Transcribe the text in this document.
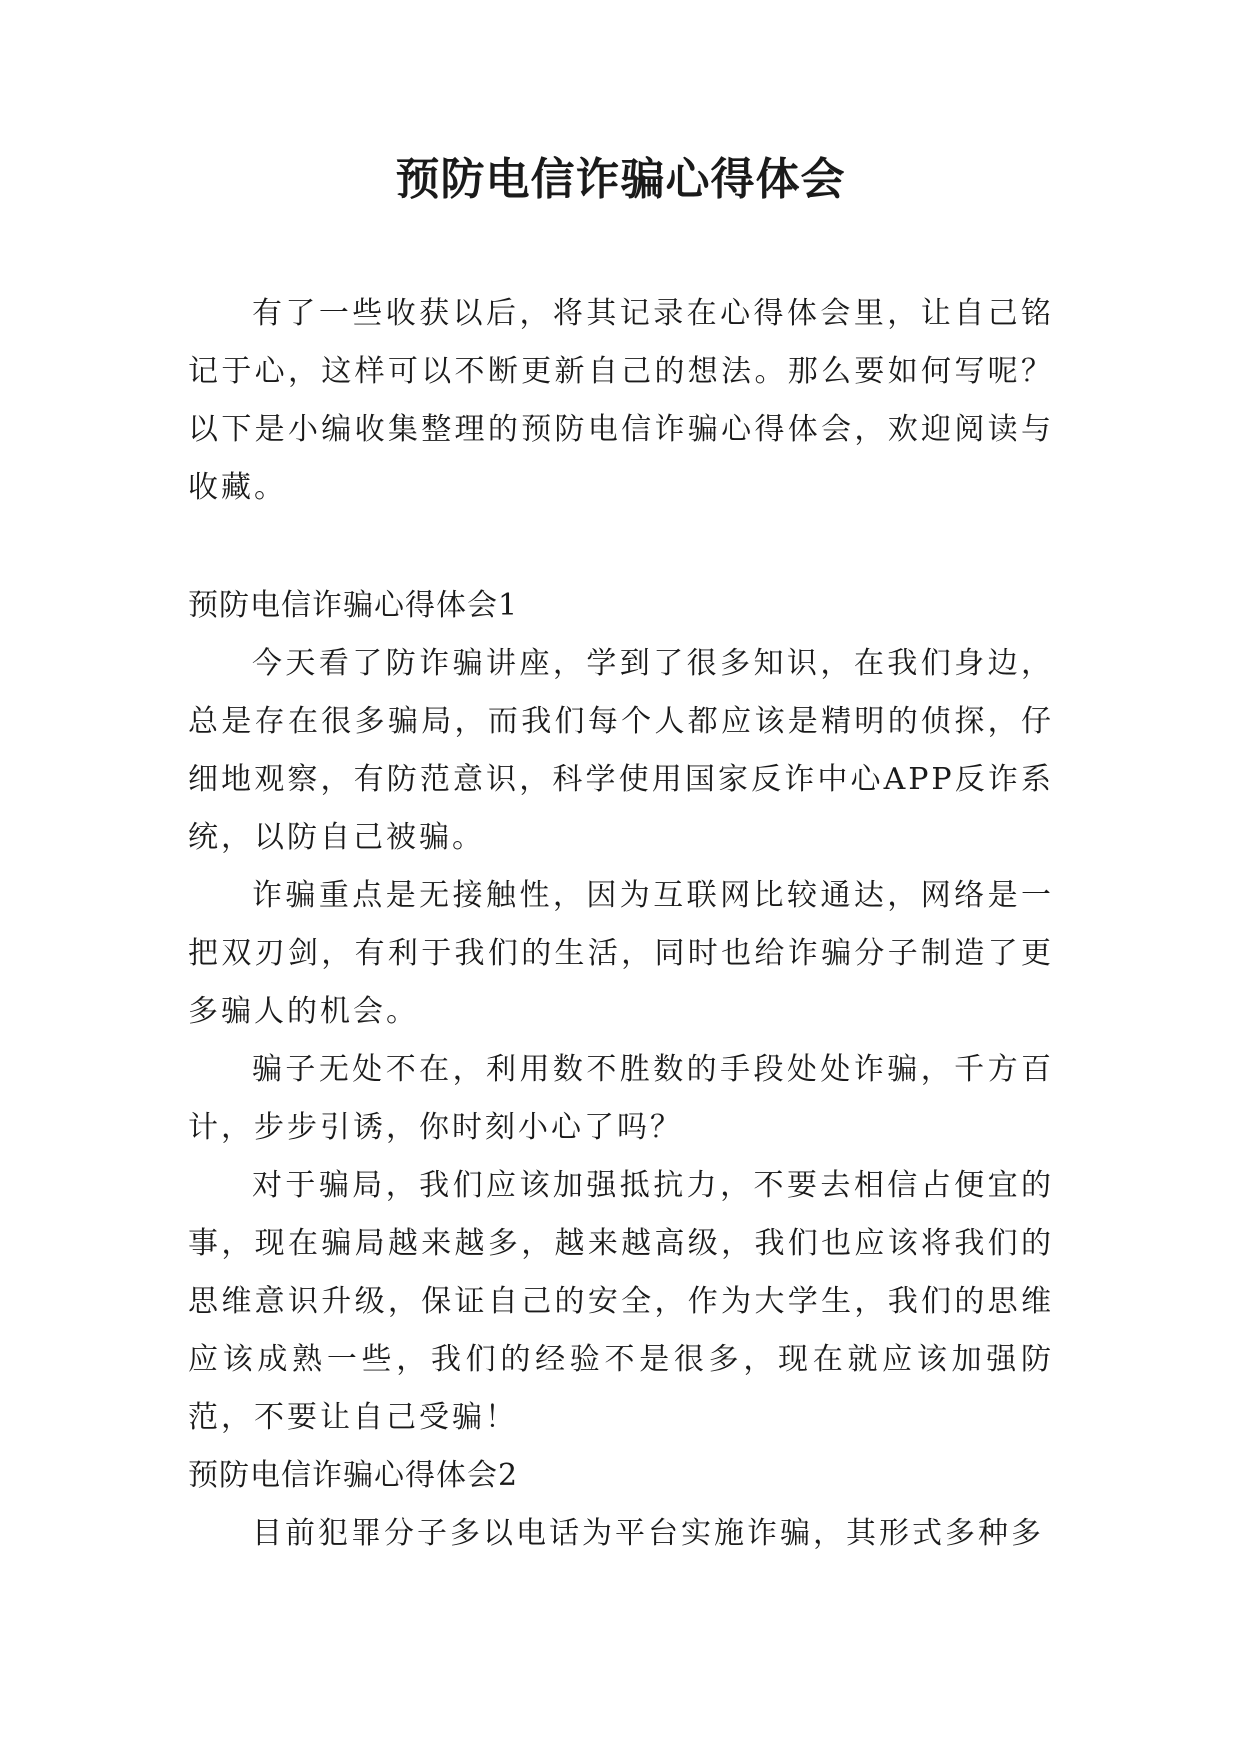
预防电信诈骗心得体会

有了一些收获以后，将其记录在心得体会里，让自己铭记于心，这样可以不断更新自己的想法。那么要如何写呢？以下是小编收集整理的预防电信诈骗心得体会，欢迎阅读与收藏。

预防电信诈骗心得体会1

今天看了防诈骗讲座，学到了很多知识，在我们身边，总是存在很多骗局，而我们每个人都应该是精明的侦探，仔细地观察，有防范意识，科学使用国家反诈中心APP反诈系统，以防自己被骗。

诈骗重点是无接触性，因为互联网比较通达，网络是一把双刃剑，有利于我们的生活，同时也给诈骗分子制造了更多骗人的机会。

骗子无处不在，利用数不胜数的手段处处诈骗，千方百计，步步引诱，你时刻小心了吗？

对于骗局，我们应该加强抵抗力，不要去相信占便宜的事，现在骗局越来越多，越来越高级，我们也应该将我们的思维意识升级，保证自己的安全，作为大学生，我们的思维应该成熟一些，我们的经验不是很多，现在就应该加强防范，不要让自己受骗！

预防电信诈骗心得体会2

目前犯罪分子多以电话为平台实施诈骗，其形式多种多
